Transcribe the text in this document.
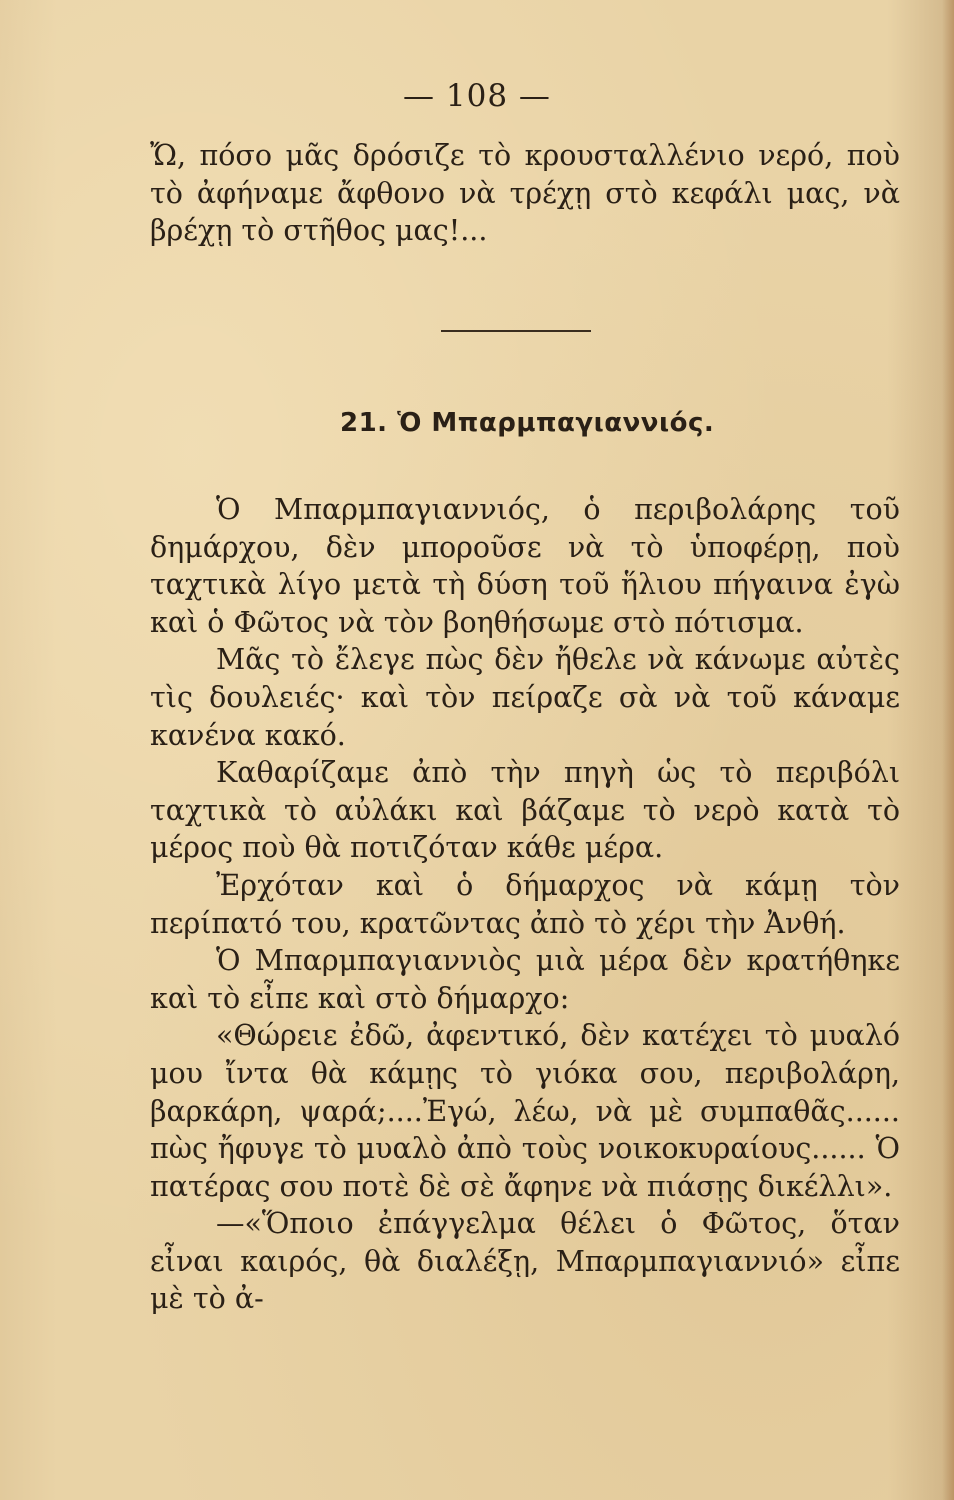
— 108 —

Ὤ, πόσο μᾶς δρόσιζε τὸ κρουσταλλένιο νερό, ποὺ τὸ ἀφήναμε ἄφθονο νὰ τρέχῃ στὸ κεφάλι μας, νὰ βρέχῃ τὸ στῆθος μας!...

21. Ὁ Μπαρμπαγιαννιός.

Ὁ Μπαρμπαγιαννιός, ὁ περιβολάρης τοῦ δημάρχου, δὲν μποροῦσε νὰ τὸ ὑποφέρῃ, ποὺ ταχτικὰ λίγο μετὰ τὴ δύση τοῦ ἥλιου πήγαινα ἐγὼ καὶ ὁ Φῶτος νὰ τὸν βοηθήσωμε στὸ πότισμα.

Μᾶς τὸ ἔλεγε πὼς δὲν ἤθελε νὰ κάνωμε αὐτὲς τὶς δουλειές· καὶ τὸν πείραζε σὰ νὰ τοῦ κάναμε κανένα κακό.

Καθαρίζαμε ἀπὸ τὴν πηγὴ ὡς τὸ περιβόλι ταχτικὰ τὸ αὐλάκι καὶ βάζαμε τὸ νερὸ κατὰ τὸ μέρος ποὺ θὰ ποτιζόταν κάθε μέρα.

Ἐρχόταν καὶ ὁ δήμαρχος νὰ κάμῃ τὸν περίπατό του, κρατῶντας ἀπὸ τὸ χέρι τὴν Ἀνθή.

Ὁ Μπαρμπαγιαννιὸς μιὰ μέρα δὲν κρατήθηκε καὶ τὸ εἶπε καὶ στὸ δήμαρχο:

«Θώρειε ἐδῶ, ἀφεντικό, δὲν κατέχει τὸ μυαλό μου ἴντα θὰ κάμῃς τὸ γιόκα σου, περιβολάρη, βαρκάρη, ψαρά;....Ἐγώ, λέω, νὰ μὲ συμπαθᾶς...... πὼς ἤφυγε τὸ μυαλὸ ἀπὸ τοὺς νοικοκυραίους...... Ὁ πατέρας σου ποτὲ δὲ σὲ ἄφηνε νὰ πιάσῃς δικέλλι».

—«Ὅποιο ἐπάγγελμα θέλει ὁ Φῶτος, ὅταν εἶναι καιρός, θὰ διαλέξῃ, Μπαρμπαγιαννιό» εἶπε μὲ τὸ ἀ-
